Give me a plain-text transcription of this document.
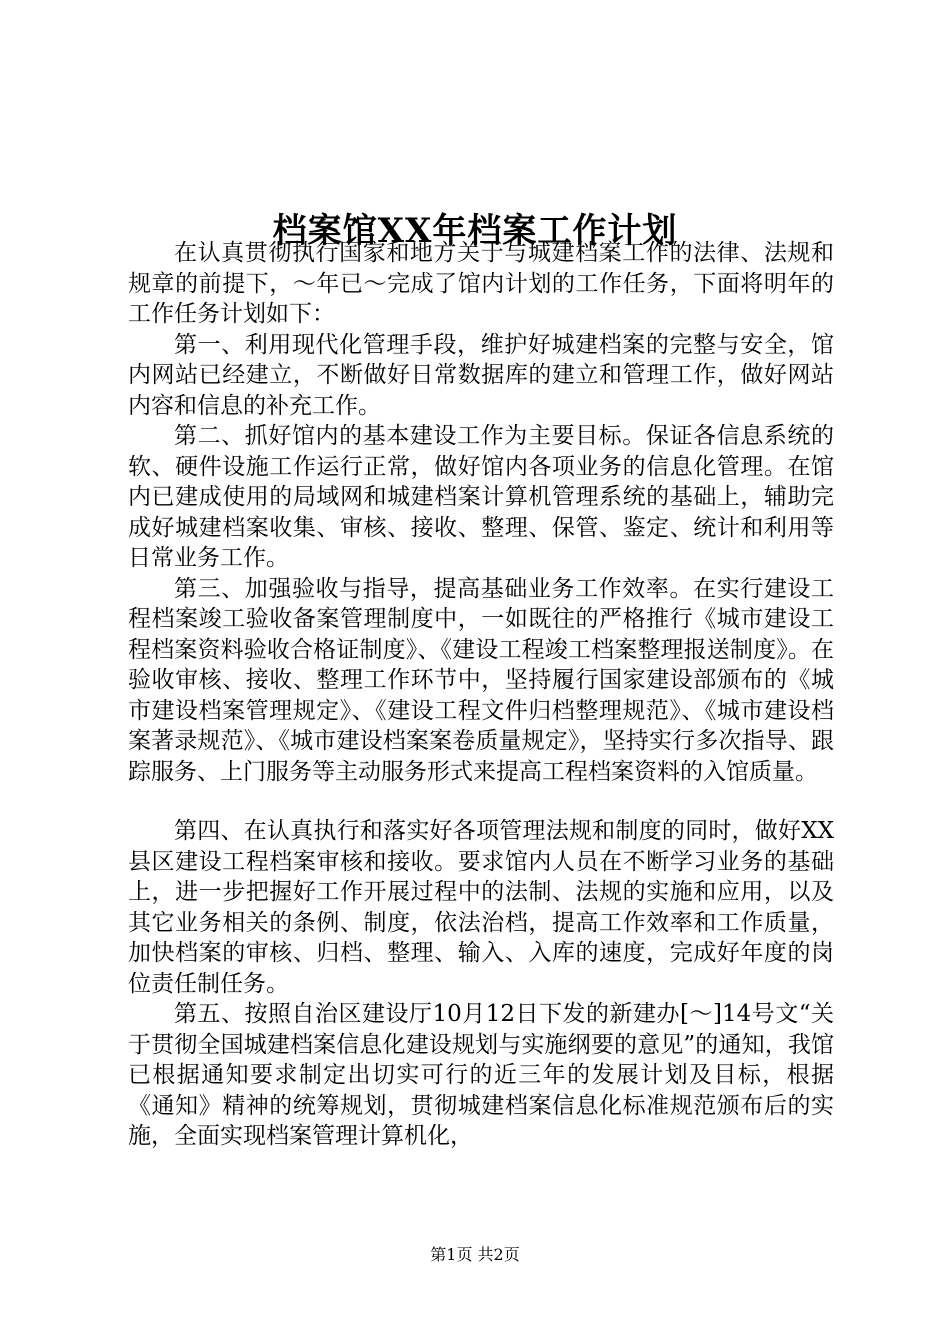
档案馆XX年档案工作计划

在认真贯彻执行国家和地方关于与城建档案工作的法律、法规和规章的前提下，～年已～完成了馆内计划的工作任务，下面将明年的工作任务计划如下：

第一、利用现代化管理手段，维护好城建档案的完整与安全，馆内网站已经建立，不断做好日常数据库的建立和管理工作，做好网站内容和信息的补充工作。

第二、抓好馆内的基本建设工作为主要目标。保证各信息系统的软、硬件设施工作运行正常，做好馆内各项业务的信息化管理。在馆内已建成使用的局域网和城建档案计算机管理系统的基础上，辅助完成好城建档案收集、审核、接收、整理、保管、鉴定、统计和利用等日常业务工作。

第三、加强验收与指导，提高基础业务工作效率。在实行建设工程档案竣工验收备案管理制度中，一如既往的严格推行《城市建设工程档案资料验收合格证制度》、《建设工程竣工档案整理报送制度》。在验收审核、接收、整理工作环节中，坚持履行国家建设部颁布的《城市建设档案管理规定》、《建设工程文件归档整理规范》、《城市建设档案著录规范》、《城市建设档案案卷质量规定》，坚持实行多次指导、跟踪服务、上门服务等主动服务形式来提高工程档案资料的入馆质量。

第四、在认真执行和落实好各项管理法规和制度的同时，做好XX县区建设工程档案审核和接收。要求馆内人员在不断学习业务的基础上，进一步把握好工作开展过程中的法制、法规的实施和应用，以及其它业务相关的条例、制度，依法治档，提高工作效率和工作质量，加快档案的审核、归档、整理、输入、入库的速度，完成好年度的岗位责任制任务。

第五、按照自治区建设厅10月12日下发的新建办[～]14号文“关于贯彻全国城建档案信息化建设规划与实施纲要的意见”的通知，我馆已根据通知要求制定出切实可行的近三年的发展计划及目标，根据《通知》精神的统筹规划，贯彻城建档案信息化标准规范颁布后的实施，全面实现档案管理计算机化，

第1页 共2页
